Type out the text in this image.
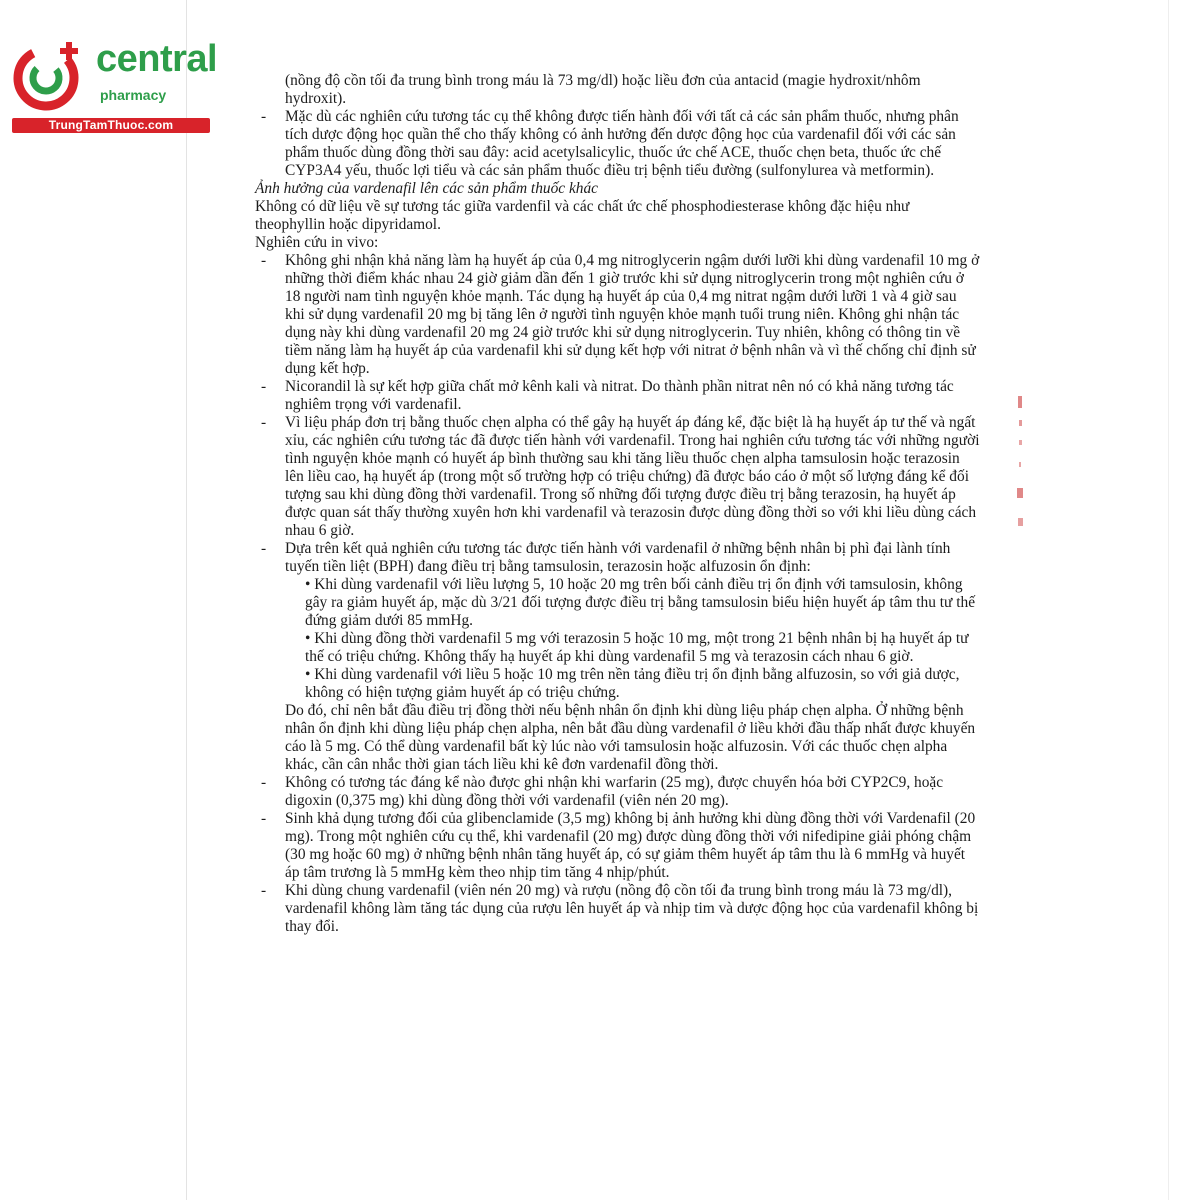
central
pharmacy
TrungTamThuoc.com

(nồng độ cồn tối đa trung bình trong máu là 73 mg/dl) hoặc liều đơn của antacid (magie hydroxit/nhôm hydroxit).

- Mặc dù các nghiên cứu tương tác cụ thể không được tiến hành đối với tất cả các sản phẩm thuốc, nhưng phân tích dược động học quần thể cho thấy không có ảnh hưởng đến dược động học của vardenafil đối với các sản phẩm thuốc dùng đồng thời sau đây: acid acetylsalicylic, thuốc ức chế ACE, thuốc chẹn beta, thuốc ức chế CYP3A4 yếu, thuốc lợi tiểu và các sản phẩm thuốc điều trị bệnh tiểu đường (sulfonylurea và metformin).

Ảnh hưởng của vardenafil lên các sản phẩm thuốc khác

Không có dữ liệu về sự tương tác giữa vardenfil và các chất ức chế phosphodiesterase không đặc hiệu như theophyllin hoặc dipyridamol.

Nghiên cứu in vivo:

- Không ghi nhận khả năng làm hạ huyết áp của 0,4 mg nitroglycerin ngậm dưới lưỡi khi dùng vardenafil 10 mg ở những thời điểm khác nhau 24 giờ giảm dần đến 1 giờ trước khi sử dụng nitroglycerin trong một nghiên cứu ở 18 người nam tình nguyện khỏe mạnh. Tác dụng hạ huyết áp của 0,4 mg nitrat ngậm dưới lưỡi 1 và 4 giờ sau khi sử dụng vardenafil 20 mg bị tăng lên ở người tình nguyện khỏe mạnh tuổi trung niên. Không ghi nhận tác dụng này khi dùng vardenafil 20 mg 24 giờ trước khi sử dụng nitroglycerin. Tuy nhiên, không có thông tin về tiềm năng làm hạ huyết áp của vardenafil khi sử dụng kết hợp với nitrat ở bệnh nhân và vì thế chống chỉ định sử dụng kết hợp.
- Nicorandil là sự kết hợp giữa chất mở kênh kali và nitrat. Do thành phần nitrat nên nó có khả năng tương tác nghiêm trọng với vardenafil.
- Vì liệu pháp đơn trị bằng thuốc chẹn alpha có thể gây hạ huyết áp đáng kể, đặc biệt là hạ huyết áp tư thế và ngất xỉu, các nghiên cứu tương tác đã được tiến hành với vardenafil. Trong hai nghiên cứu tương tác với những người tình nguyện khỏe mạnh có huyết áp bình thường sau khi tăng liều thuốc chẹn alpha tamsulosin hoặc terazosin lên liều cao, hạ huyết áp (trong một số trường hợp có triệu chứng) đã được báo cáo ở một số lượng đáng kể đối tượng sau khi dùng đồng thời vardenafil. Trong số những đối tượng được điều trị bằng terazosin, hạ huyết áp được quan sát thấy thường xuyên hơn khi vardenafil và terazosin được dùng đồng thời so với khi liều dùng cách nhau 6 giờ.
- Dựa trên kết quả nghiên cứu tương tác được tiến hành với vardenafil ở những bệnh nhân bị phì đại lành tính tuyến tiền liệt (BPH) đang điều trị bằng tamsulosin, terazosin hoặc alfuzosin ổn định:

• Khi dùng vardenafil với liều lượng 5, 10 hoặc 20 mg trên bối cảnh điều trị ổn định với tamsulosin, không gây ra giảm huyết áp, mặc dù 3/21 đối tượng được điều trị bằng tamsulosin biểu hiện huyết áp tâm thu tư thế đứng giảm dưới 85 mmHg.

• Khi dùng đồng thời vardenafil 5 mg với terazosin 5 hoặc 10 mg, một trong 21 bệnh nhân bị hạ huyết áp tư thế có triệu chứng. Không thấy hạ huyết áp khi dùng vardenafil 5 mg và terazosin cách nhau 6 giờ.

• Khi dùng vardenafil với liều 5 hoặc 10 mg trên nền tảng điều trị ổn định bằng alfuzosin, so với giả dược, không có hiện tượng giảm huyết áp có triệu chứng.

Do đó, chỉ nên bắt đầu điều trị đồng thời nếu bệnh nhân ổn định khi dùng liệu pháp chẹn alpha. Ở những bệnh nhân ổn định khi dùng liệu pháp chẹn alpha, nên bắt đầu dùng vardenafil ở liều khởi đầu thấp nhất được khuyến cáo là 5 mg. Có thể dùng vardenafil bất kỳ lúc nào với tamsulosin hoặc alfuzosin. Với các thuốc chẹn alpha khác, cần cân nhắc thời gian tách liều khi kê đơn vardenafil đồng thời.

- Không có tương tác đáng kể nào được ghi nhận khi warfarin (25 mg), được chuyển hóa bởi CYP2C9, hoặc digoxin (0,375 mg) khi dùng đồng thời với vardenafil (viên nén 20 mg).
- Sinh khả dụng tương đối của glibenclamide (3,5 mg) không bị ảnh hưởng khi dùng đồng thời với Vardenafil (20 mg). Trong một nghiên cứu cụ thể, khi vardenafil (20 mg) được dùng đồng thời với nifedipine giải phóng chậm (30 mg hoặc 60 mg) ở những bệnh nhân tăng huyết áp, có sự giảm thêm huyết áp tâm thu là 6 mmHg và huyết áp tâm trương là 5 mmHg kèm theo nhịp tim tăng 4 nhịp/phút.
- Khi dùng chung vardenafil (viên nén 20 mg) và rượu (nồng độ cồn tối đa trung bình trong máu là 73 mg/dl), vardenafil không làm tăng tác dụng của rượu lên huyết áp và nhịp tim và dược động học của vardenafil không bị thay đổi.
